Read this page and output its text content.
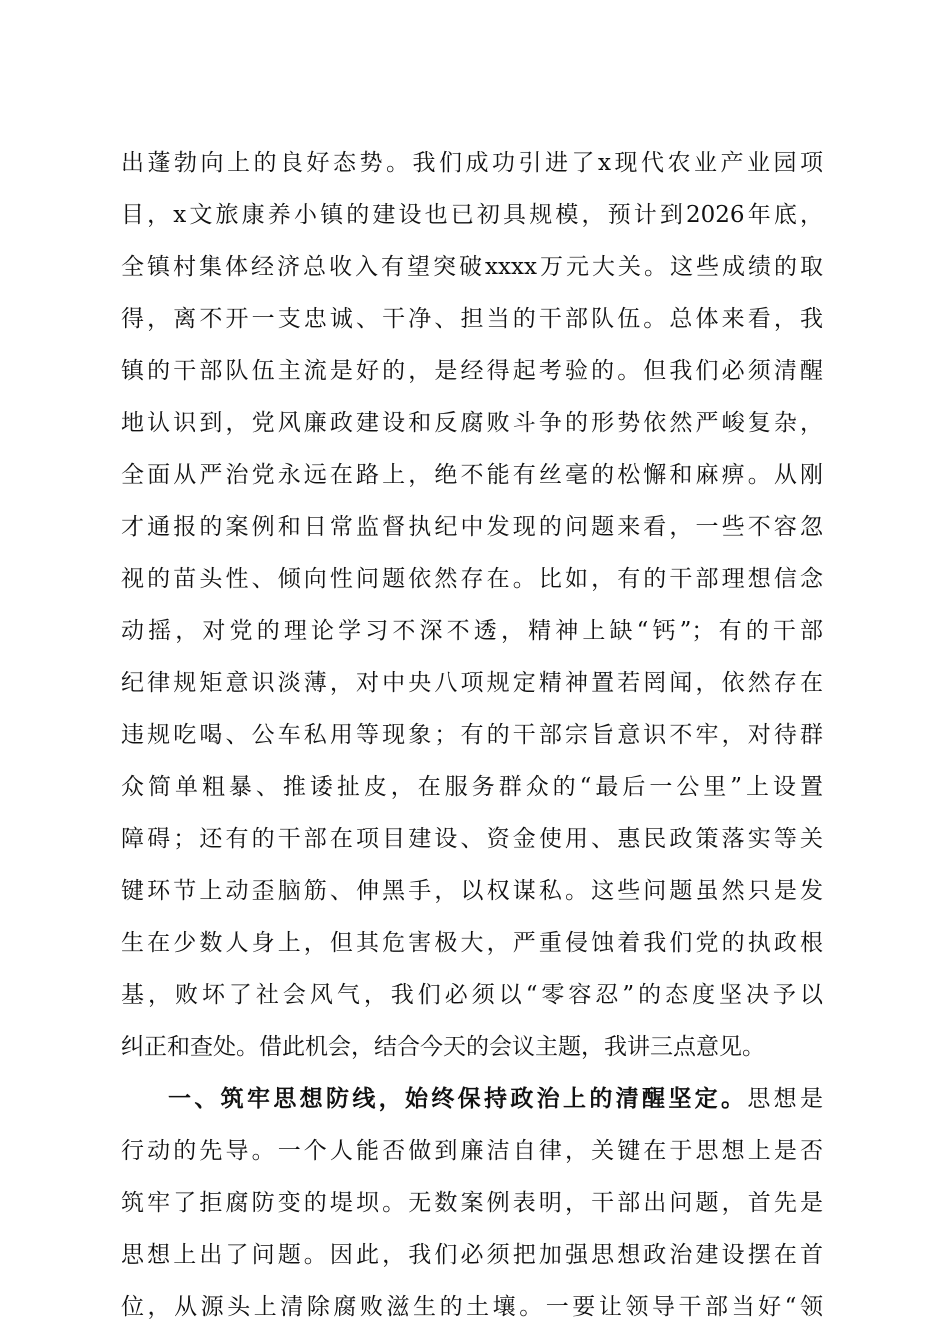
出蓬勃向上的良好态势。我们成功引进了x现代农业产业园项
目，x文旅康养小镇的建设也已初具规模，预计到2026年底，
全镇村集体经济总收入有望突破xxxx万元大关。这些成绩的取
得，离不开一支忠诚、干净、担当的干部队伍。总体来看，我
镇的干部队伍主流是好的，是经得起考验的。但我们必须清醒
地认识到，党风廉政建设和反腐败斗争的形势依然严峻复杂，
全面从严治党永远在路上，绝不能有丝毫的松懈和麻痹。从刚
才通报的案例和日常监督执纪中发现的问题来看，一些不容忽
视的苗头性、倾向性问题依然存在。比如，有的干部理想信念
动摇，对党的理论学习不深不透，精神上缺“钙”；有的干部
纪律规矩意识淡薄，对中央八项规定精神置若罔闻，依然存在
违规吃喝、公车私用等现象；有的干部宗旨意识不牢，对待群
众简单粗暴、推诿扯皮，在服务群众的“最后一公里”上设置
障碍；还有的干部在项目建设、资金使用、惠民政策落实等关
键环节上动歪脑筋、伸黑手，以权谋私。这些问题虽然只是发
生在少数人身上，但其危害极大，严重侵蚀着我们党的执政根
基，败坏了社会风气，我们必须以“零容忍”的态度坚决予以
纠正和查处。借此机会，结合今天的会议主题，我讲三点意见。
一、筑牢思想防线，始终保持政治上的清醒坚定。思想是
行动的先导。一个人能否做到廉洁自律，关键在于思想上是否
筑牢了拒腐防变的堤坝。无数案例表明，干部出问题，首先是
思想上出了问题。因此，我们必须把加强思想政治建设摆在首
位，从源头上清除腐败滋生的土壤。一要让领导干部当好“领
